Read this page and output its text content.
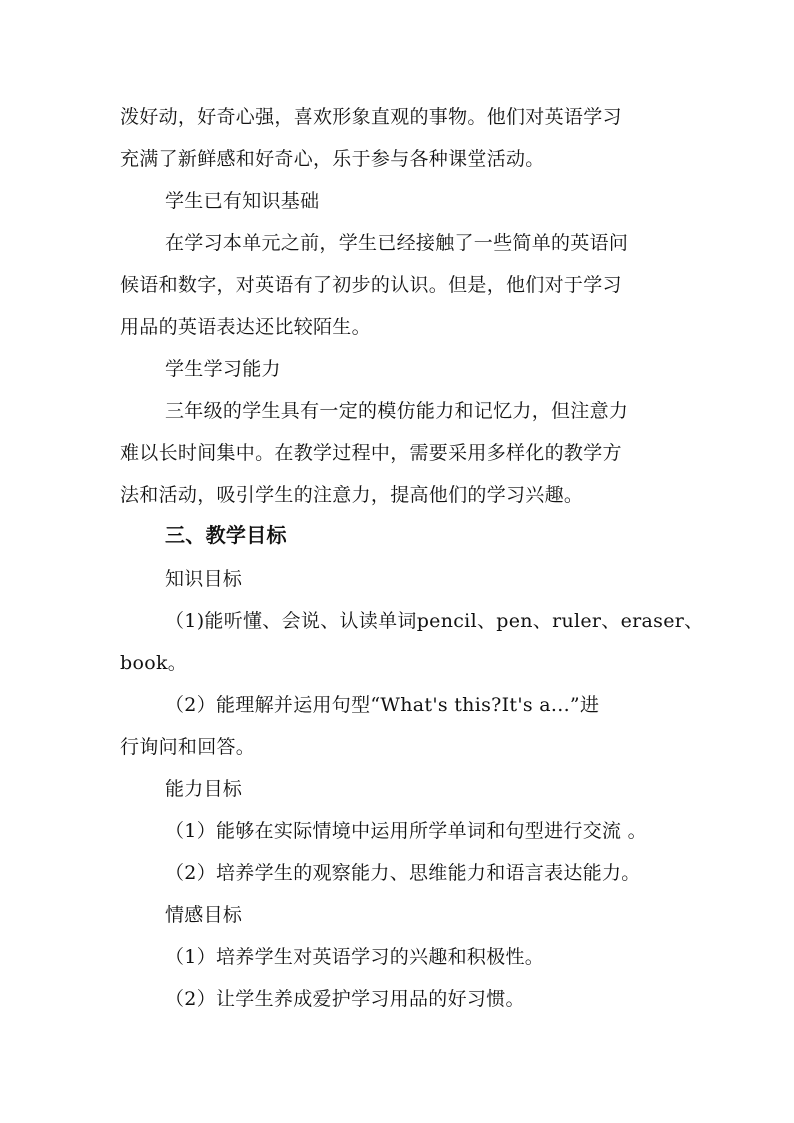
泼好动，好奇心强，喜欢形象直观的事物。他们对英语学习
充满了新鲜感和好奇心，乐于参与各种课堂活动。
学生已有知识基础
在学习本单元之前，学生已经接触了一些简单的英语问
候语和数字，对英语有了初步的认识。但是，他们对于学习
用品的英语表达还比较陌生。
学生学习能力
三年级的学生具有一定的模仿能力和记忆力，但注意力
难以长时间集中。在教学过程中，需要采用多样化的教学方
法和活动，吸引学生的注意力，提高他们的学习兴趣。
三、教学目标
知识目标
（1)能听懂、会说、认读单词pencil、pen、ruler、eraser、
book。
（2）能理解并运用句型“What's this?It's a...”进
行询问和回答。
能力目标
（1）能够在实际情境中运用所学单词和句型进行交流 。
（2）培养学生的观察能力、思维能力和语言表达能力。
情感目标
（1）培养学生对英语学习的兴趣和积极性。
（2）让学生养成爱护学习用品的好习惯。
